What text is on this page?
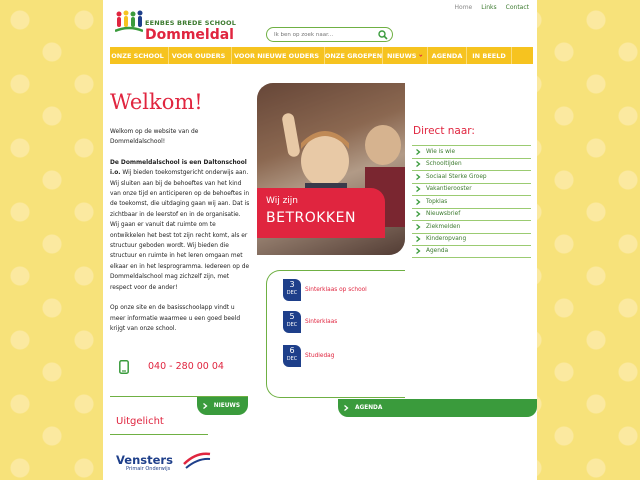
EENBES BREDE SCHOOL
Dommeldal
Home Links Contact
Ik ben op zoek naar...
ONZE SCHOOL VOOR OUDERS VOOR NIEUWE OUDERS ONZE GROEPEN NIEUWS AGENDA IN BEELD
Welkom!

Welkom op de website van de Dommeldalschool!

De Dommeldalschool is een Daltonschool i.o. Wij bieden toekomstgericht onderwijs aan. Wij sluiten aan bij de behoeftes van het kind van onze tijd en anticiperen op de behoeftes in de toekomst, die uitdaging gaan wij aan. Dat is zichtbaar in de leerstof en in de organisatie. Wij gaan er vanuit dat ruimte om te ontwikkelen het best tot zijn recht komt, als er structuur geboden wordt. Wij bieden die structuur en ruimte in het leren omgaan met elkaar en in het lesprogramma. Iedereen op de Dommeldalschool mag zichzelf zijn, met respect voor de ander!

Op onze site en de basisschoolapp vindt u meer informatie waarmee u een goed beeld krijgt van onze school.

040 - 280 00 04
NIEUWS
Uitgelicht
Vensters
Primair Onderwijs
Wij zijn
BETROKKEN
3
DEC	Sinterklaas op school
5
DEC	Sinterklaas
6
DEC	Studiedag
AGENDA
Direct naar:
Wie is wie
Schooltijden
Sociaal Sterke Groep
Vakantierooster
Topklas
Nieuwsbrief
Ziekmelden
Kinderopvang
Agenda
